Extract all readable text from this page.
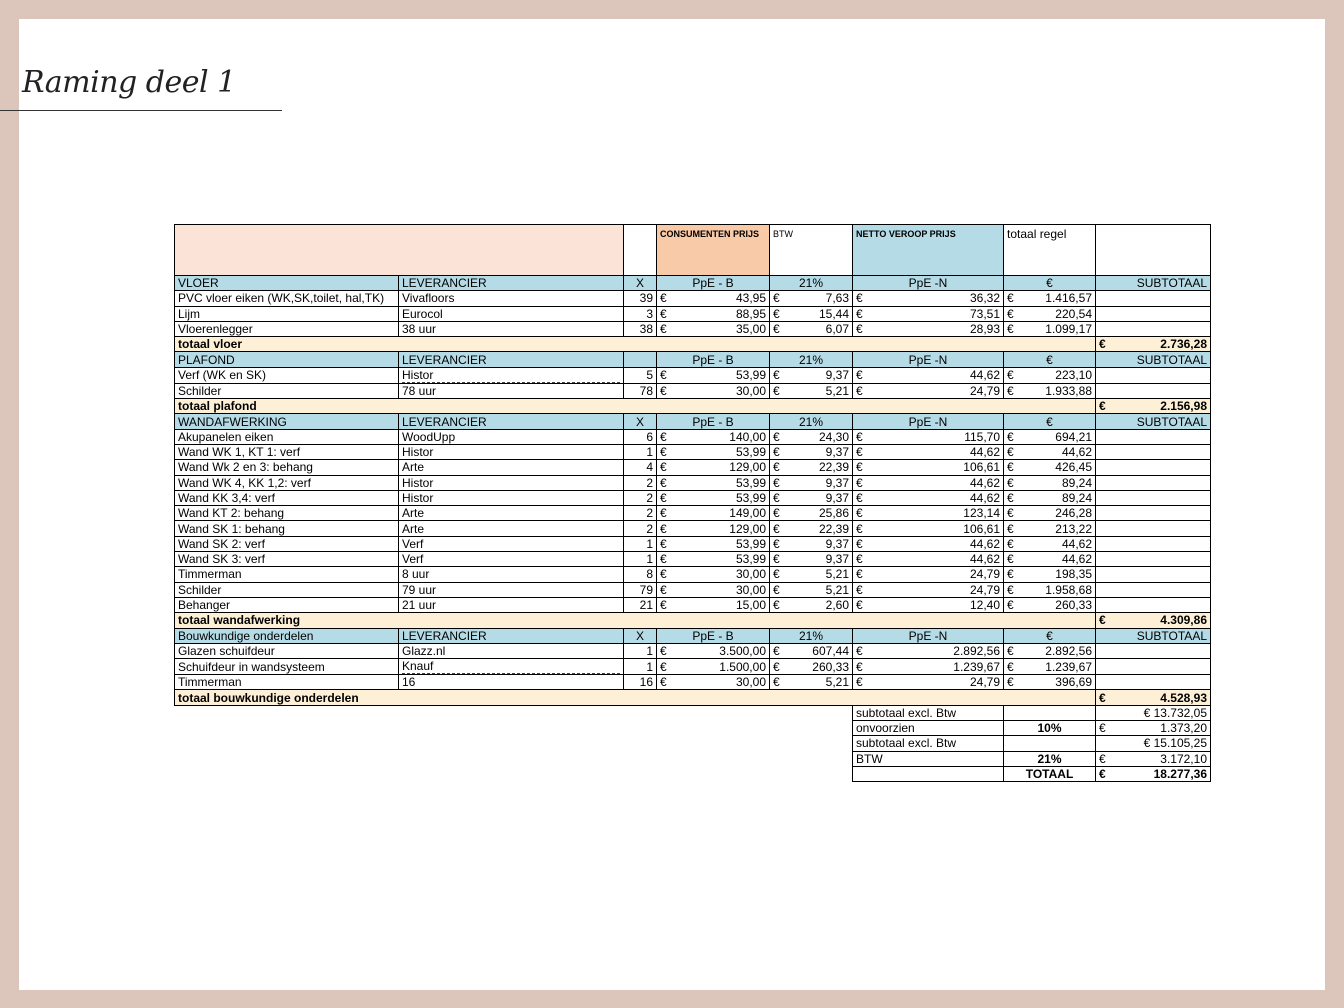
Raming deel 1
			CONSUMENTEN PRIJS	BTW	NETTO VEROOP PRIJS	totaal regel	
VLOER	LEVERANCIER	X	PpE - B	21%	PpE -N	€	SUBTOTAAL
PVC vloer eiken (WK,SK,toilet, hal,TK)	Vivafloors	39	€ 43,95	€ 7,63	€ 36,32	€ 1.416,57	

Lijm	Eurocol	3	€ 88,95	€ 15,44	€ 73,51	€ 220,54	

Vloerenlegger	38 uur	38	€ 35,00	€ 6,07	€ 28,93	€ 1.099,17	

totaal vloer							€ 2.736,28

PLAFOND	LEVERANCIER		PpE - B	21%	PpE -N	€	SUBTOTAAL
Verf (WK en SK)	Histor	5	€ 53,99	€ 9,37	€ 44,62	€ 223,10	

Schilder	78 uur	78	€ 30,00	€ 5,21	€ 24,79	€ 1.933,88	

totaal plafond							€ 2.156,98

WANDAFWERKING	LEVERANCIER	X	PpE - B	21%	PpE -N	€	SUBTOTAAL
Akupanelen eiken	WoodUpp	6	€ 140,00	€ 24,30	€ 115,70	€ 694,21	

Wand WK 1, KT 1: verf	Histor	1	€ 53,99	€ 9,37	€ 44,62	€ 44,62	

Wand Wk 2 en 3: behang	Arte	4	€ 129,00	€ 22,39	€ 106,61	€ 426,45	

Wand WK 4, KK 1,2: verf	Histor	2	€ 53,99	€ 9,37	€ 44,62	€ 89,24	

Wand KK 3,4: verf	Histor	2	€ 53,99	€ 9,37	€ 44,62	€ 89,24	

Wand KT 2: behang	Arte	2	€ 149,00	€ 25,86	€ 123,14	€ 246,28	

Wand SK 1: behang	Arte	2	€ 129,00	€ 22,39	€ 106,61	€ 213,22	

Wand SK 2: verf	Verf	1	€ 53,99	€ 9,37	€ 44,62	€ 44,62	

Wand SK 3: verf	Verf	1	€ 53,99	€ 9,37	€ 44,62	€ 44,62	

Timmerman	8 uur	8	€ 30,00	€ 5,21	€ 24,79	€ 198,35	

Schilder	79 uur	79	€ 30,00	€ 5,21	€ 24,79	€ 1.958,68	

Behanger	21 uur	21	€ 15,00	€ 2,60	€ 12,40	€ 260,33	

totaal wandafwerking							€ 4.309,86

Bouwkundige onderdelen	LEVERANCIER	X	PpE - B	21%	PpE -N	€	SUBTOTAAL
Glazen schuifdeur	Glazz.nl	1	€ 3.500,00	€ 607,44	€ 2.892,56	€ 2.892,56	

Schuifdeur in wandsysteem	Knauf	1	€ 1.500,00	€ 260,33	€ 1.239,67	€ 1.239,67	

Timmerman	16	16	€ 30,00	€ 5,21	€ 24,79	€ 396,69	

totaal bouwkundige onderdelen							€ 4.528,93

					subtotaal excl. Btw		€ 13.732,05
					onvoorzien	10%	€ 1.373,20

					subtotaal excl. Btw		€ 15.105,25
					BTW	21%	€ 3.172,10

						TOTAAL	€ 18.277,36
